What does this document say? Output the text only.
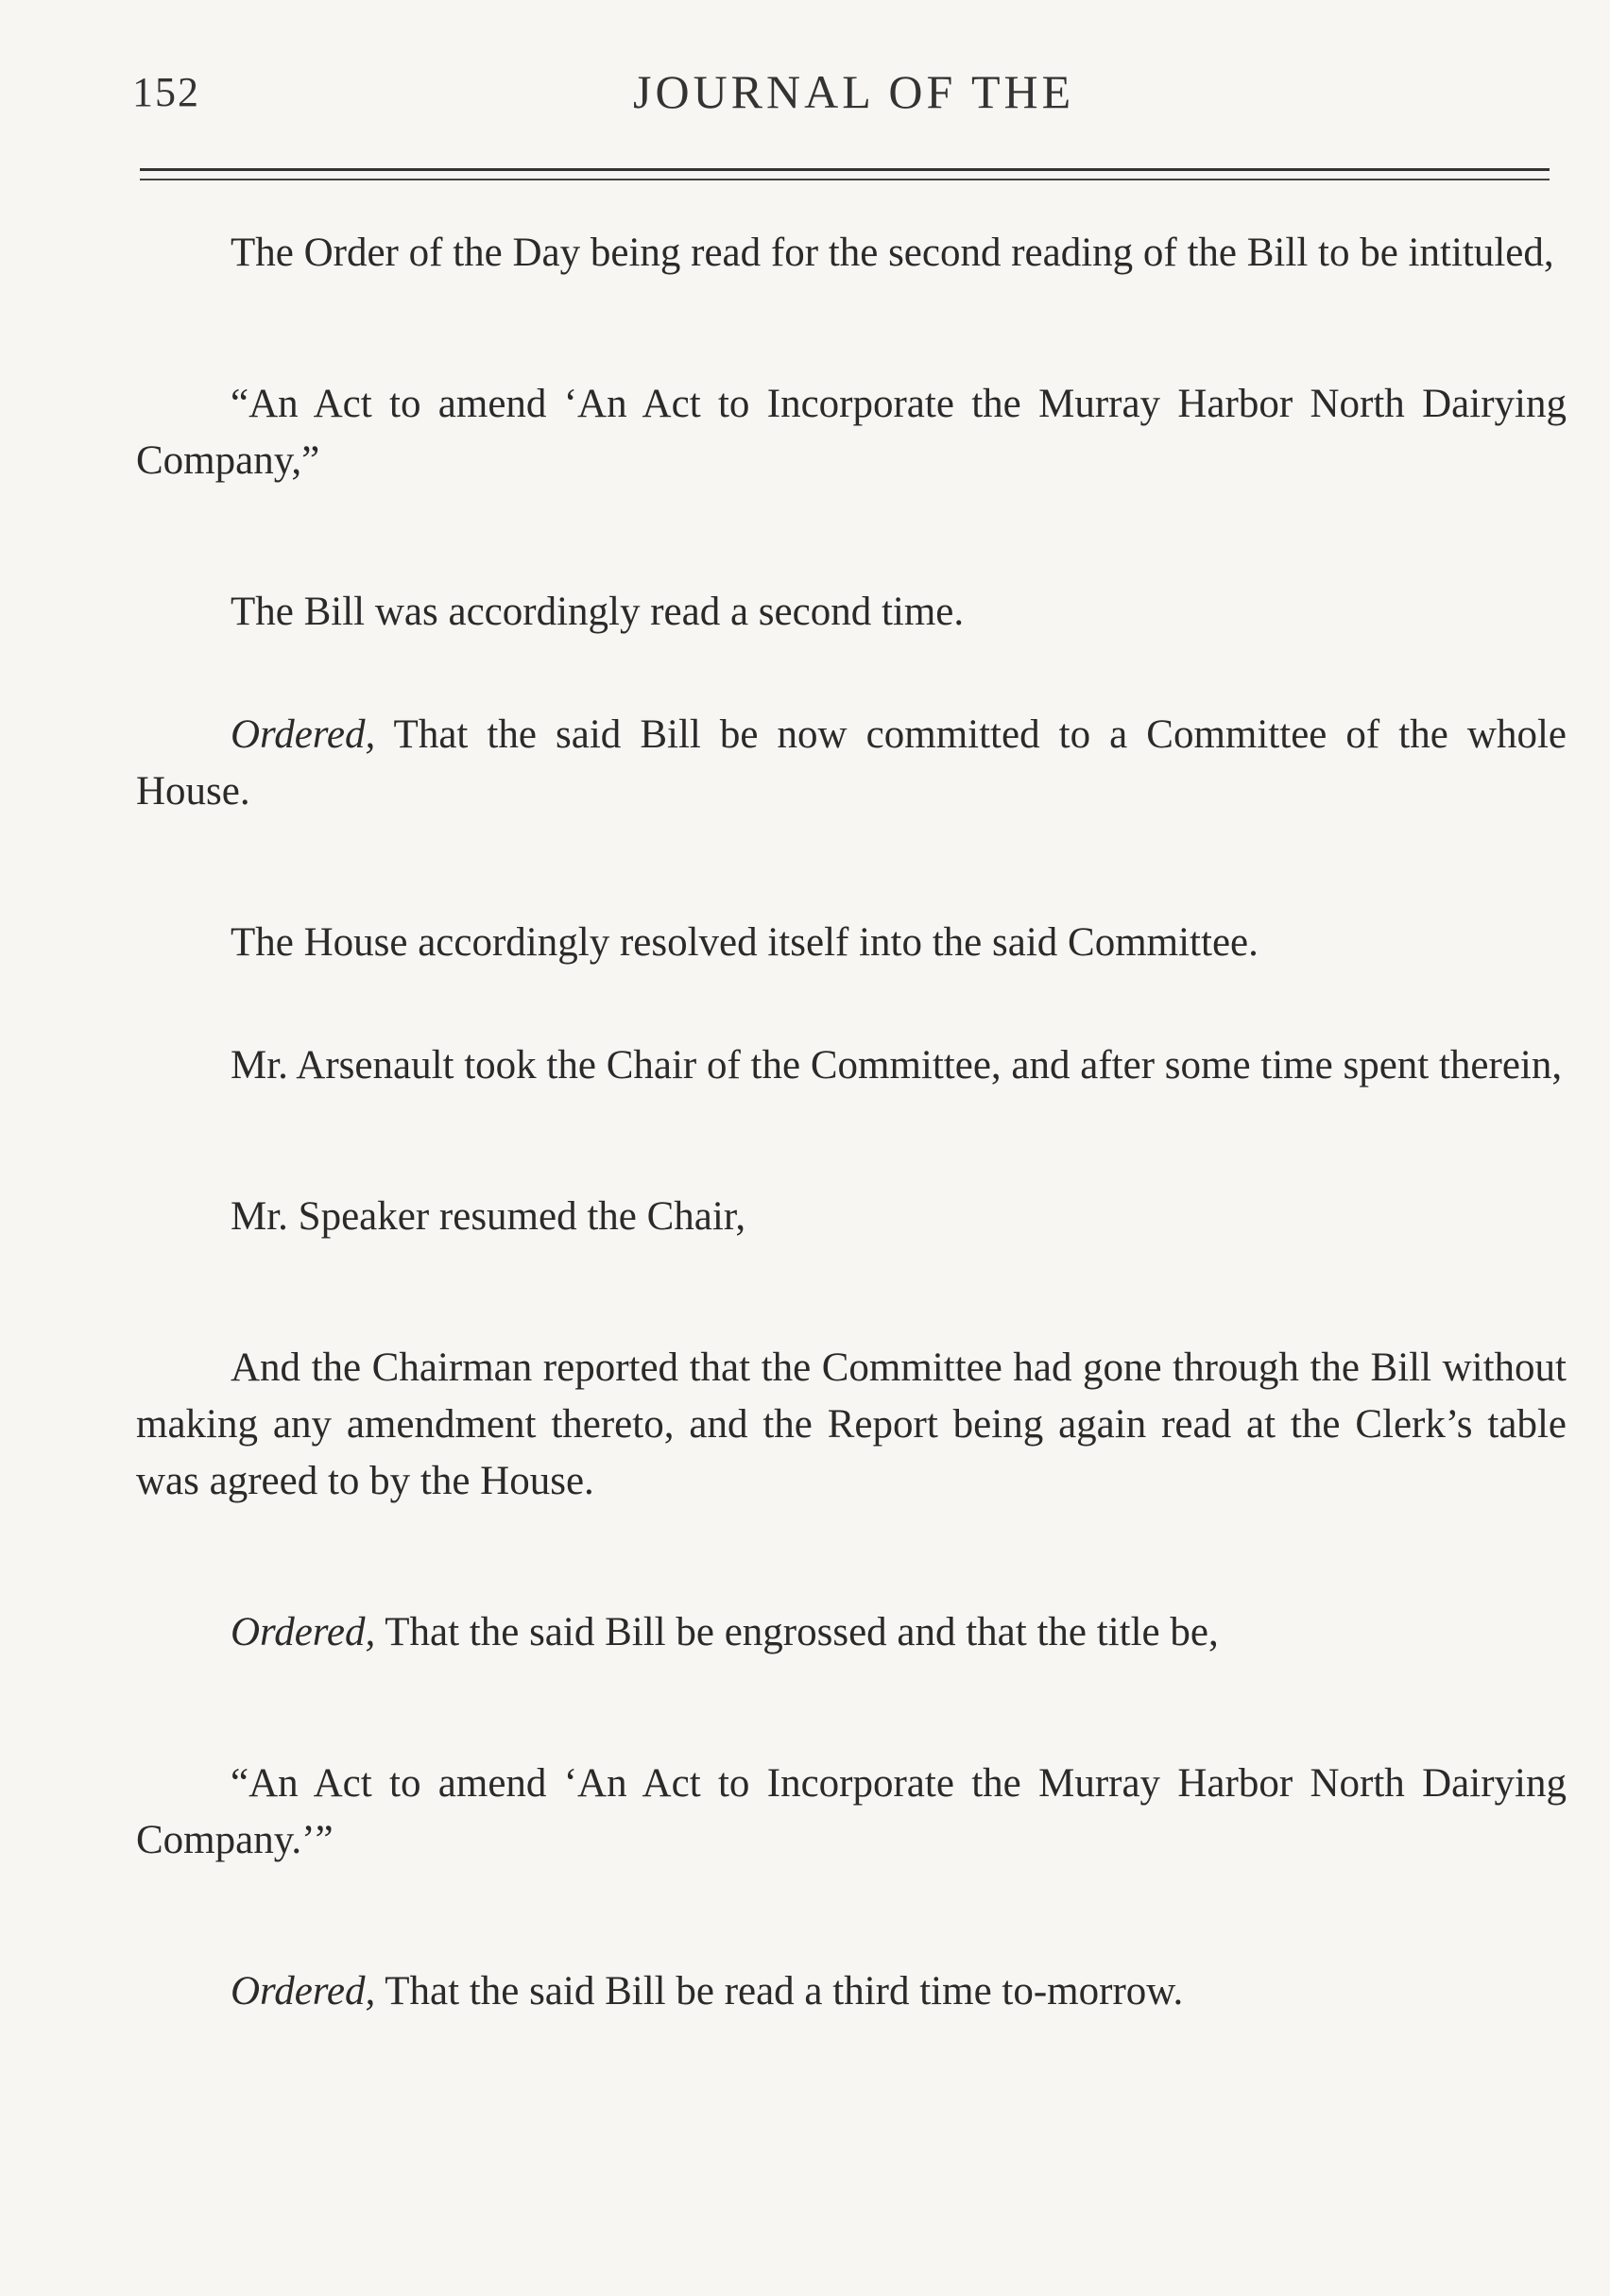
152	JOURNAL OF THE

The Order of the Day being read for the second reading of the Bill to be intituled,

“An Act to amend ‘An Act to Incorporate the Murray Harbor North Dairying Company,”

The Bill was accordingly read a second time.

Ordered, That the said Bill be now committed to a Committee of the whole House.

The House accordingly resolved itself into the said Committee.

Mr. Arsenault took the Chair of the Committee, and after some time spent therein,

Mr. Speaker resumed the Chair,

And the Chairman reported that the Committee had gone through the Bill without making any amendment thereto, and the Report being again read at the Clerk’s table was agreed to by the House.

Ordered, That the said Bill be engrossed and that the title be,

“An Act to amend ‘An Act to Incorporate the Murray Harbor North Dairying Company.’”

Ordered, That the said Bill be read a third time to-morrow.
